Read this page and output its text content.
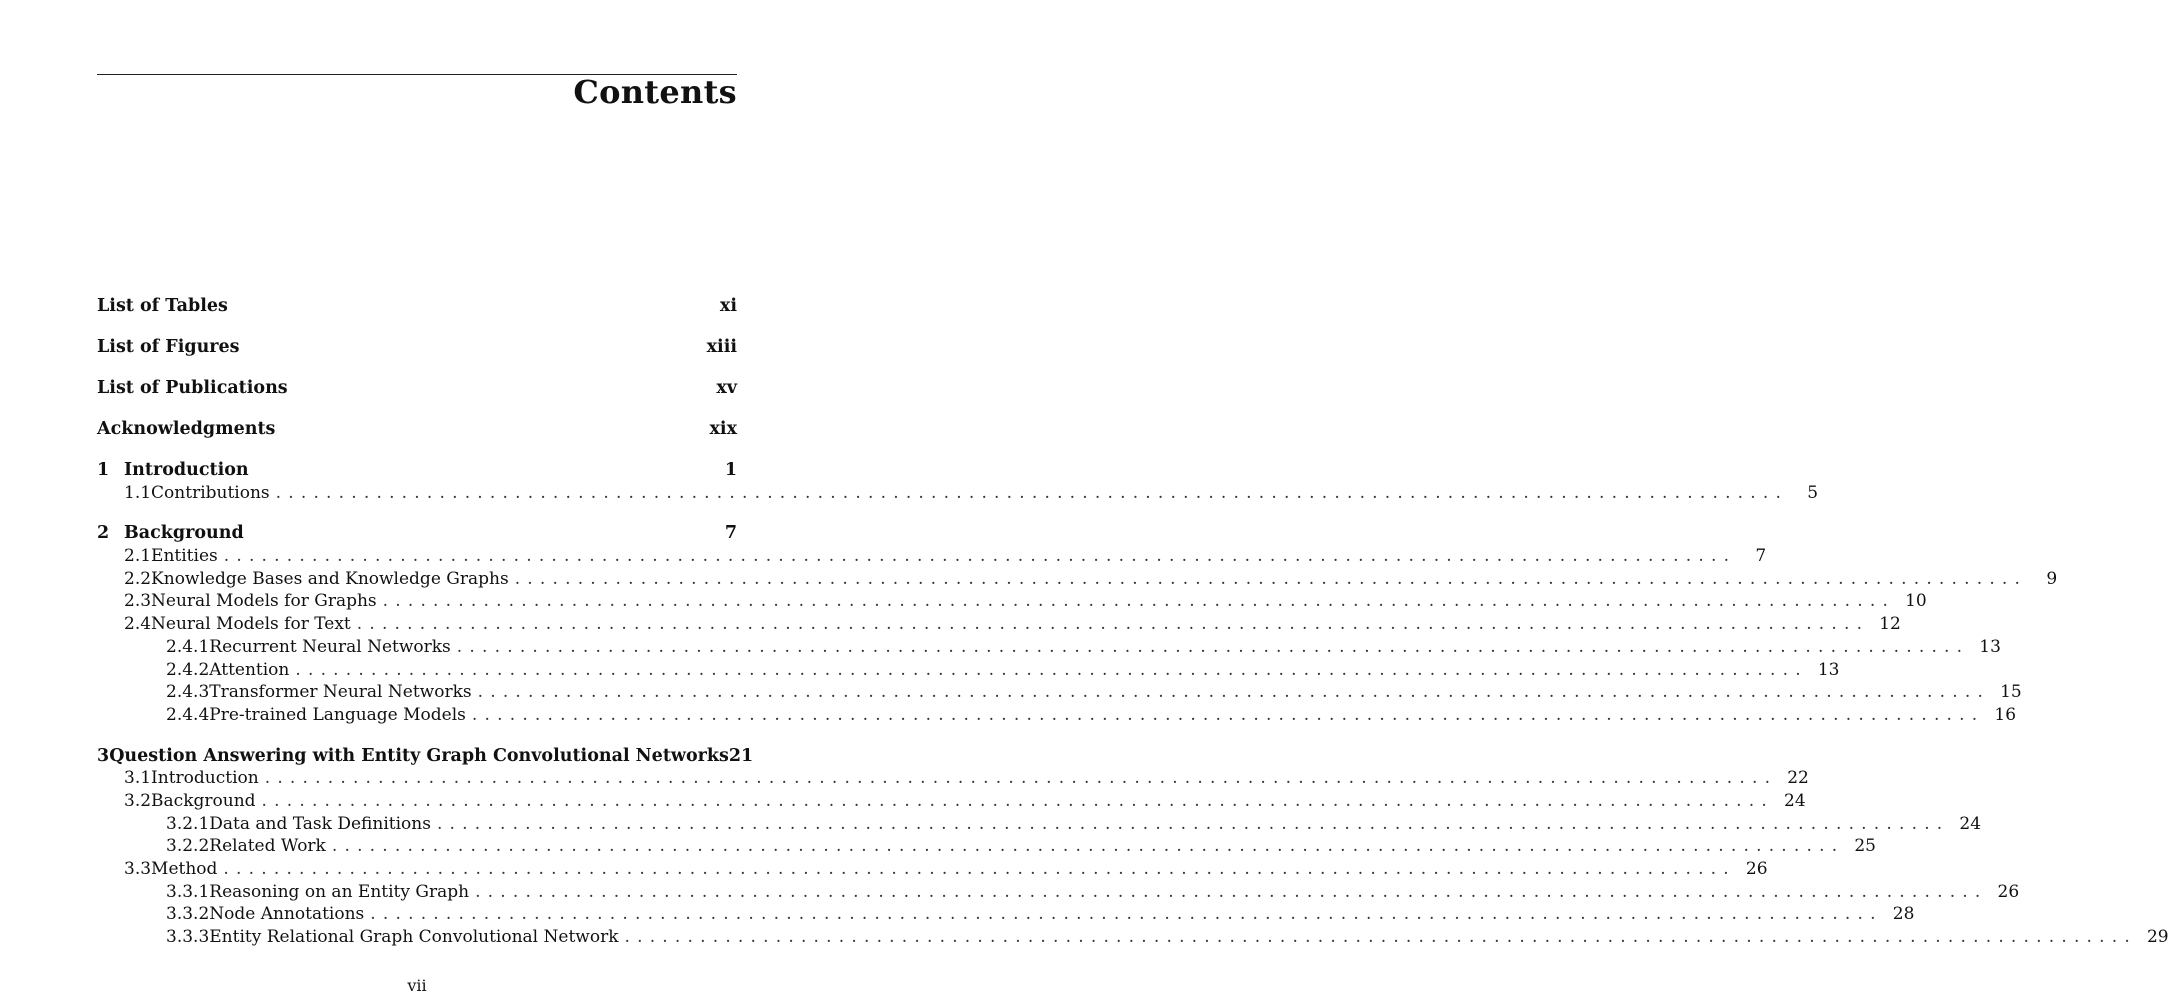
Contents
List of Tables	xi
List of Figures	xiii
List of Publications	xv
Acknowledgments	xix
1 Introduction	1
1.1 Contributions ........................................................................................................................	5
2 Background	7
2.1 Entities ........................................................................................................................	7
2.2 Knowledge Bases and Knowledge Graphs ........................................................................................................................	9
2.3 Neural Models for Graphs ........................................................................................................................ 10
2.4 Neural Models for Text ........................................................................................................................ 12
2.4.1 Recurrent Neural Networks ........................................................................................................................ 13
2.4.2 Attention ........................................................................................................................ 13
2.4.3 Transformer Neural Networks ........................................................................................................................ 15
2.4.4 Pre-trained Language Models ........................................................................................................................ 16
3 Question Answering with Entity Graph Convolutional Networks 21
3.1 Introduction ........................................................................................................................ 22
3.2 Background ........................................................................................................................ 24
3.2.1 Data and Task Definitions ........................................................................................................................ 24
3.2.2 Related Work ........................................................................................................................ 25
3.3 Method ........................................................................................................................ 26
3.3.1 Reasoning on an Entity Graph ........................................................................................................................ 26
3.3.2 Node Annotations ........................................................................................................................ 28
3.3.3 Entity Relational Graph Convolutional Network ........................................................................................................................ 29
vii
